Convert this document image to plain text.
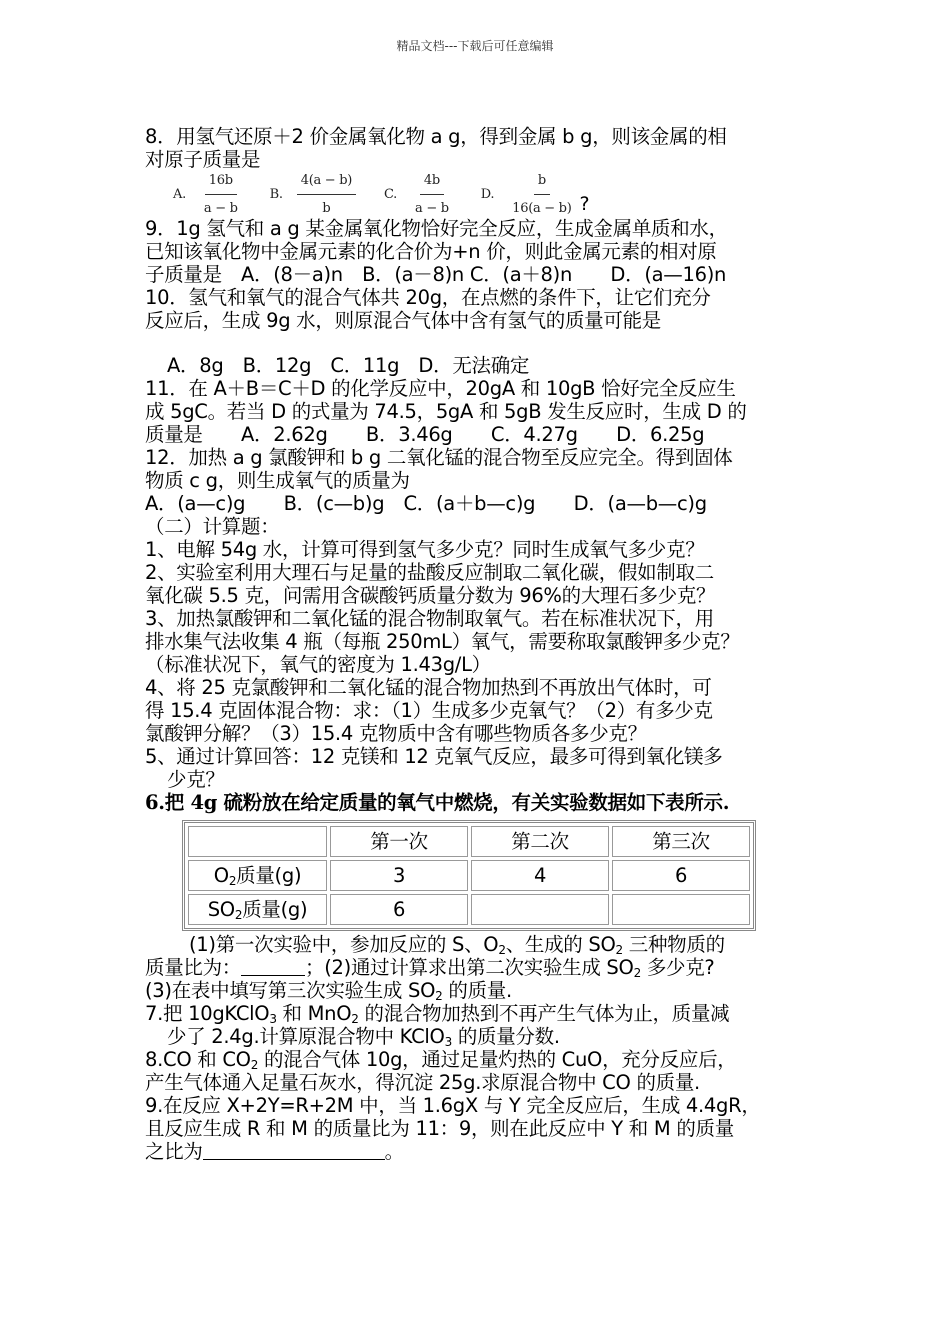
精品文档---下载后可任意编辑
8．用氢气还原＋2 价金属氧化物 a g，得到金属 b g，则该金属的相
对原子质量是
A. $\frac{16b}{a - b} B$. $\frac{4(a - b)}{b} C$. $\frac{4b}{a - b} D$. $\frac{b}{16(a - b)}$ ?
9．1g 氢气和 a g 某金属氧化物恰好完全反应，生成金属单质和水，
已知该氧化物中金属元素的化合价为+n 价，则此金属元素的相对原
子质量是　A．(8－a)n　B．(a－8)n C．(a＋8)n　　D．(a—16)n
10．氢气和氧气的混合气体共 20g，在点燃的条件下，让它们充分
反应后，生成 9g 水，则原混合气体中含有氢气的质量可能是
A．8g　B．12g　C．11g　D．无法确定
11．在 A＋B＝C＋D 的化学反应中，20gA 和 10gB 恰好完全反应生
成 5gC。若当 D 的式量为 74.5，5gA 和 5gB 发生反应时，生成 D 的
质量是　　A．2.62g　　B．3.46g　　C．4.27g　　D．6.25g
12．加热 a g 氯酸钾和 b g 二氧化锰的混合物至反应完全。得到固体
物质 c g，则生成氧气的质量为
A．(a—c)g　　B．(c—b)g　C．(a＋b—c)g　　D．(a—b—c)g
（二）计算题：
1、电解 54g 水，计算可得到氢气多少克？同时生成氧气多少克？
2、实验室利用大理石与足量的盐酸反应制取二氧化碳，假如制取二
氧化碳 5.5 克，问需用含碳酸钙质量分数为 96%的大理石多少克？
3、加热氯酸钾和二氧化锰的混合物制取氧气。若在标准状况下，用
排水集气法收集 4 瓶（每瓶 250mL）氧气，需要称取氯酸钾多少克？
（标准状况下，氧气的密度为 1.43g/L）
4、将 25 克氯酸钾和二氧化锰的混合物加热到不再放出气体时，可
得 15.4 克固体混合物：求：（1）生成多少克氧气？（2）有多少克
氯酸钾分解？（3）15.4 克物质中含有哪些物质各多少克？
5、通过计算回答：12 克镁和 12 克氧气反应，最多可得到氧化镁多
少克？
6.把 4g 硫粉放在给定质量的氧气中燃烧，有关实验数据如下表所示.
	第一次	第二次	第三次
$O_2$质量(g)	3	4	6
$SO_2$质量(g)	6		
(1)第一次实验中，参加反应的 S、$O_2$、生成的 $SO_2$ 三种物质的
质量比为：	；(2)通过计算求出第二次实验生成 $SO_2$ 多少克?
(3)在表中填写第三次实验生成 $SO_2$ 的质量.
7.把 10gKClO$_3$ 和 MnO$_2$ 的混合物加热到不再产生气体为止，质量减
少了 2.4g.计算原混合物中 KClO$_3$ 的质量分数.
8.CO 和 $CO_2$ 的混合气体 10g，通过足量灼热的 CuO，充分反应后，
产生气体通入足量石灰水，得沉淀 25g.求原混合物中 CO 的质量.
9.在反应 X+2Y=R+2M 中，当 1.6gX 与 Y 完全反应后，生成 4.4gR，
且反应生成 R 和 M 的质量比为 11：9，则在此反应中 Y 和 M 的质量
之比为	。
